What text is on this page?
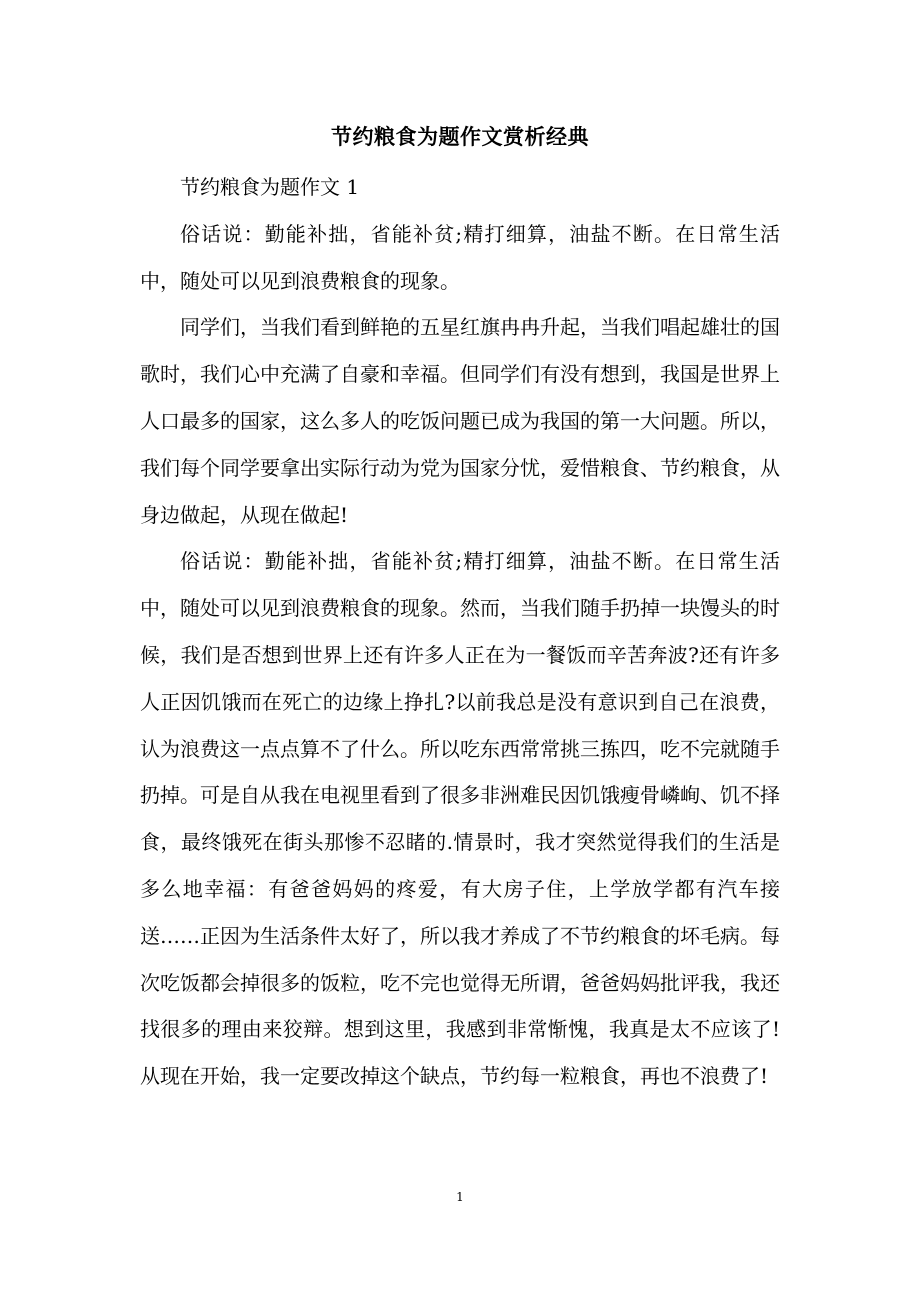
节约粮食为题作文赏析经典

节约粮食为题作文 1

俗话说：勤能补拙，省能补贫;精打细算，油盐不断。在日常生活中，随处可以见到浪费粮食的现象。

同学们，当我们看到鲜艳的五星红旗冉冉升起，当我们唱起雄壮的国歌时，我们心中充满了自豪和幸福。但同学们有没有想到，我国是世界上人口最多的国家，这么多人的吃饭问题已成为我国的第一大问题。所以，我们每个同学要拿出实际行动为党为国家分忧，爱惜粮食、节约粮食，从身边做起，从现在做起!

俗话说：勤能补拙，省能补贫;精打细算，油盐不断。在日常生活中，随处可以见到浪费粮食的现象。然而，当我们随手扔掉一块馒头的时候，我们是否想到世界上还有许多人正在为一餐饭而辛苦奔波?还有许多人正因饥饿而在死亡的边缘上挣扎?以前我总是没有意识到自己在浪费，认为浪费这一点点算不了什么。所以吃东西常常挑三拣四，吃不完就随手扔掉。可是自从我在电视里看到了很多非洲难民因饥饿瘦骨嶙峋、饥不择食，最终饿死在街头那惨不忍睹的.情景时，我才突然觉得我们的生活是多么地幸福：有爸爸妈妈的疼爱，有大房子住，上学放学都有汽车接送……正因为生活条件太好了，所以我才养成了不节约粮食的坏毛病。每次吃饭都会掉很多的饭粒，吃不完也觉得无所谓，爸爸妈妈批评我，我还找很多的理由来狡辩。想到这里，我感到非常惭愧，我真是太不应该了!从现在开始，我一定要改掉这个缺点，节约每一粒粮食，再也不浪费了!

1
